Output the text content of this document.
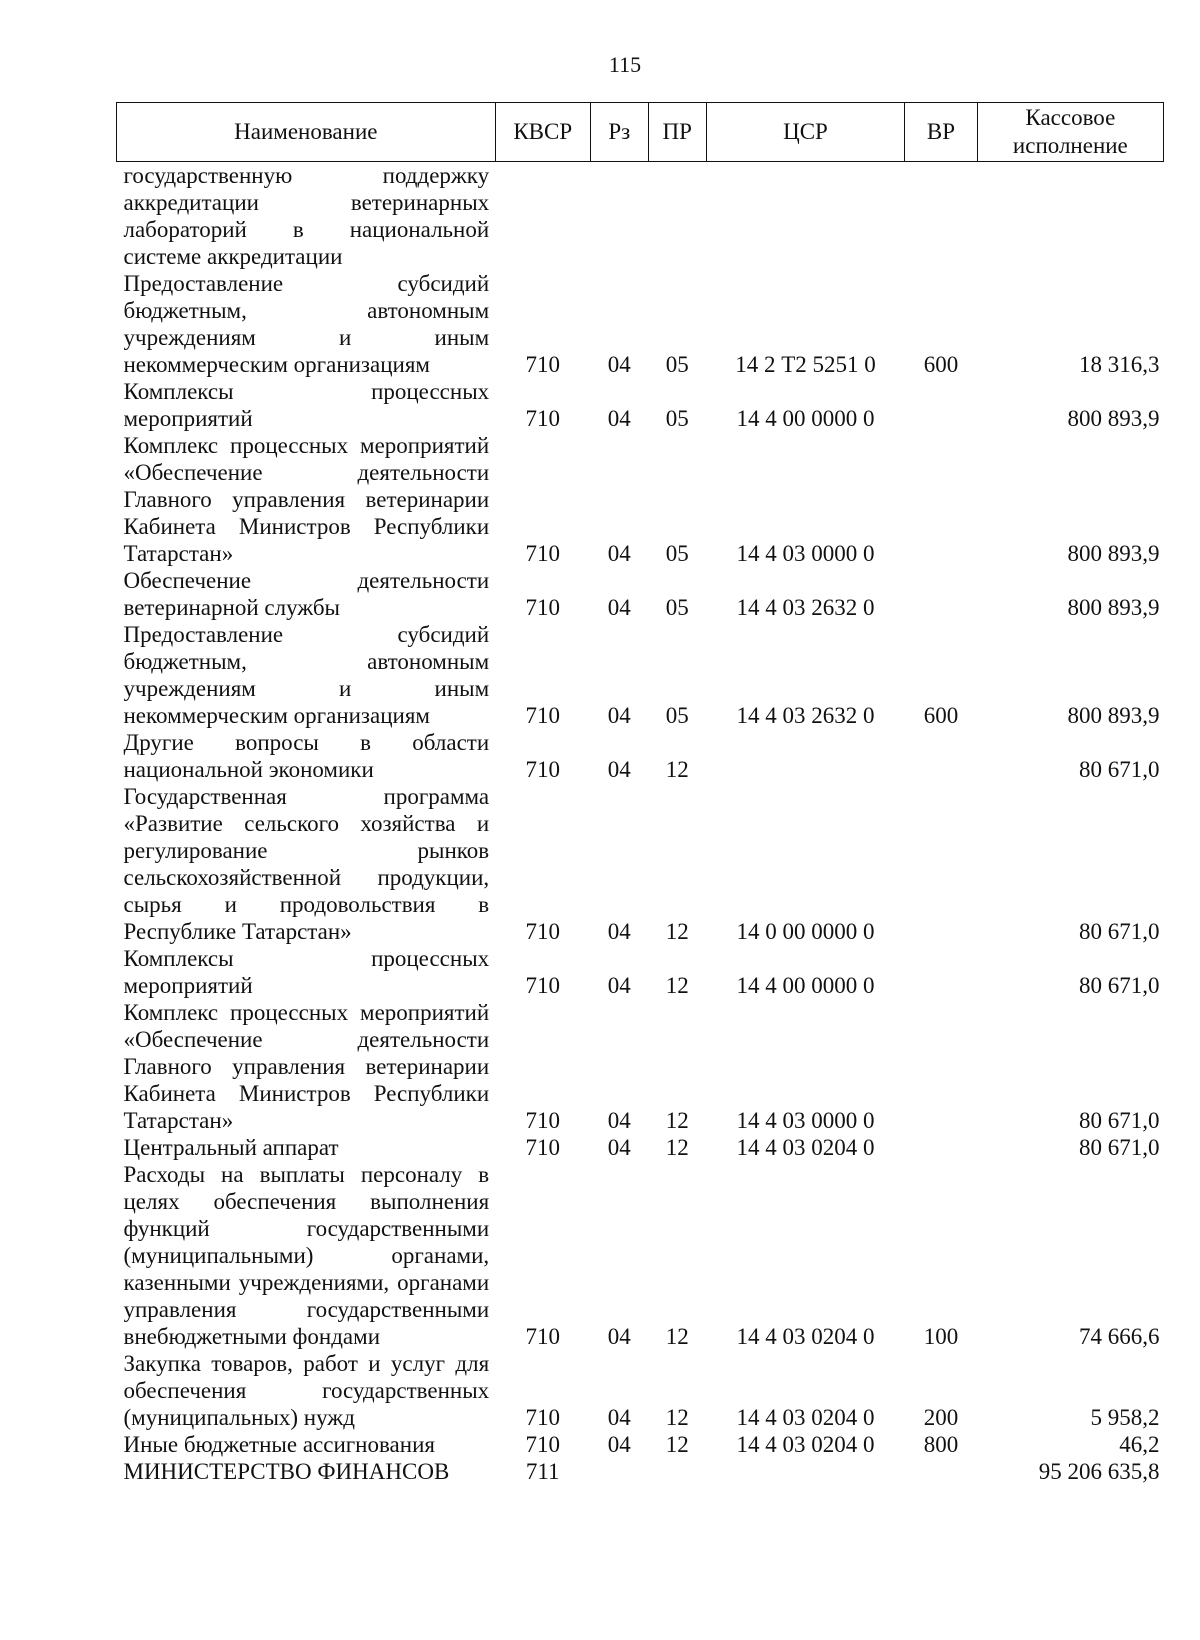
115
Наименование	КВСР	Рз	ПР	ЦСР	ВР	Кассовое исполнение
государственную поддержку аккредитации ветеринарных лабораторий в национальной системе аккредитации						
Предоставление субсидий бюджетным, автономным учреждениям и иным некоммерческим организациям	710	04	05	14 2 Т2 5251 0	600	18 316,3
Комплексы процессных мероприятий	710	04	05	14 4 00 0000 0		800 893,9
Комплекс процессных мероприятий «Обеспечение деятельности Главного управления ветеринарии Кабинета Министров Республики Татарстан»	710	04	05	14 4 03 0000 0		800 893,9
Обеспечение деятельности ветеринарной службы	710	04	05	14 4 03 2632 0		800 893,9
Предоставление субсидий бюджетным, автономным учреждениям и иным некоммерческим организациям	710	04	05	14 4 03 2632 0	600	800 893,9
Другие вопросы в области национальной экономики	710	04	12			80 671,0
Государственная программа «Развитие сельского хозяйства и регулирование рынков сельскохозяйственной продукции, сырья и продовольствия в Республике Татарстан»	710	04	12	14 0 00 0000 0		80 671,0
Комплексы процессных мероприятий	710	04	12	14 4 00 0000 0		80 671,0
Комплекс процессных мероприятий «Обеспечение деятельности Главного управления ветеринарии Кабинета Министров Республики Татарстан»	710	04	12	14 4 03 0000 0		80 671,0
Центральный аппарат	710	04	12	14 4 03 0204 0		80 671,0
Расходы на выплаты персоналу в целях обеспечения выполнения функций государственными (муниципальными) органами, казенными учреждениями, органами управления государственными внебюджетными фондами	710	04	12	14 4 03 0204 0	100	74 666,6
Закупка товаров, работ и услуг для обеспечения государственных (муниципальных) нужд	710	04	12	14 4 03 0204 0	200	5 958,2
Иные бюджетные ассигнования	710	04	12	14 4 03 0204 0	800	46,2
МИНИСТЕРСТВО ФИНАНСОВ	711					95 206 635,8
